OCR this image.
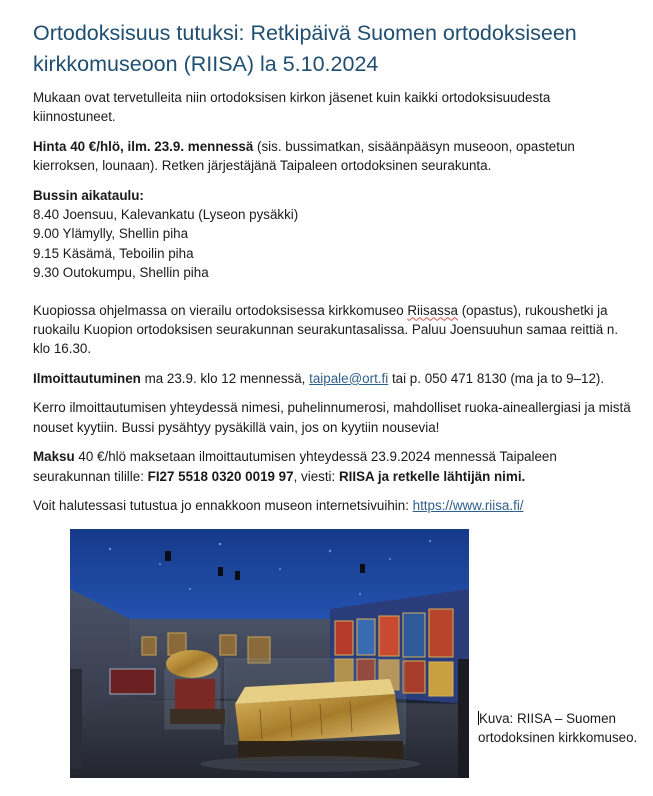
Ortodoksisuus tutuksi: Retkipäivä Suomen ortodoksiseen kirkkomuseoon (RIISA) la 5.10.2024

Mukaan ovat tervetulleita niin ortodoksisen kirkon jäsenet kuin kaikki ortodoksisuudesta kiinnostuneet.

Hinta 40 €/hlö, ilm. 23.9. mennessä (sis. bussimatkan, sisäänpääsyn museoon, opastetun kierroksen, lounaan). Retken järjestäjänä Taipaleen ortodoksinen seurakunta.

Bussin aikataulu:
8.40 Joensuu, Kalevankatu (Lyseon pysäkki)
9.00 Ylämylly, Shellin piha
9.15 Käsämä, Teboilin piha
9.30 Outokumpu, Shellin piha

Kuopiossa ohjelmassa on vierailu ortodoksisessa kirkkomuseo Riisassa (opastus), rukoushetki ja ruokailu Kuopion ortodoksisen seurakunnan seurakuntasalissa. Paluu Joensuuhun samaa reittiä n. klo 16.30.

Ilmoittautuminen ma 23.9. klo 12 mennessä, taipale@ort.fi tai p. 050 471 8130 (ma ja to 9–12).

Kerro ilmoittautumisen yhteydessä nimesi, puhelinnumerosi, mahdolliset ruoka-aineallergiasi ja mistä nouset kyytiin. Bussi pysähtyy pysäkillä vain, jos on kyytiin nousevia!

Maksu 40 €/hlö maksetaan ilmoittautumisen yhteydessä 23.9.2024 mennessä Taipaleen seurakunnan tilille: FI27 5518 0320 0019 97, viesti: RIISA ja retkelle lähtijän nimi.

Voit halutessasi tutustua jo ennakkoon museon internetsivuihin: https://www.riisa.fi/

Kuva: RIISA – Suomen ortodoksinen kirkkomuseo.
